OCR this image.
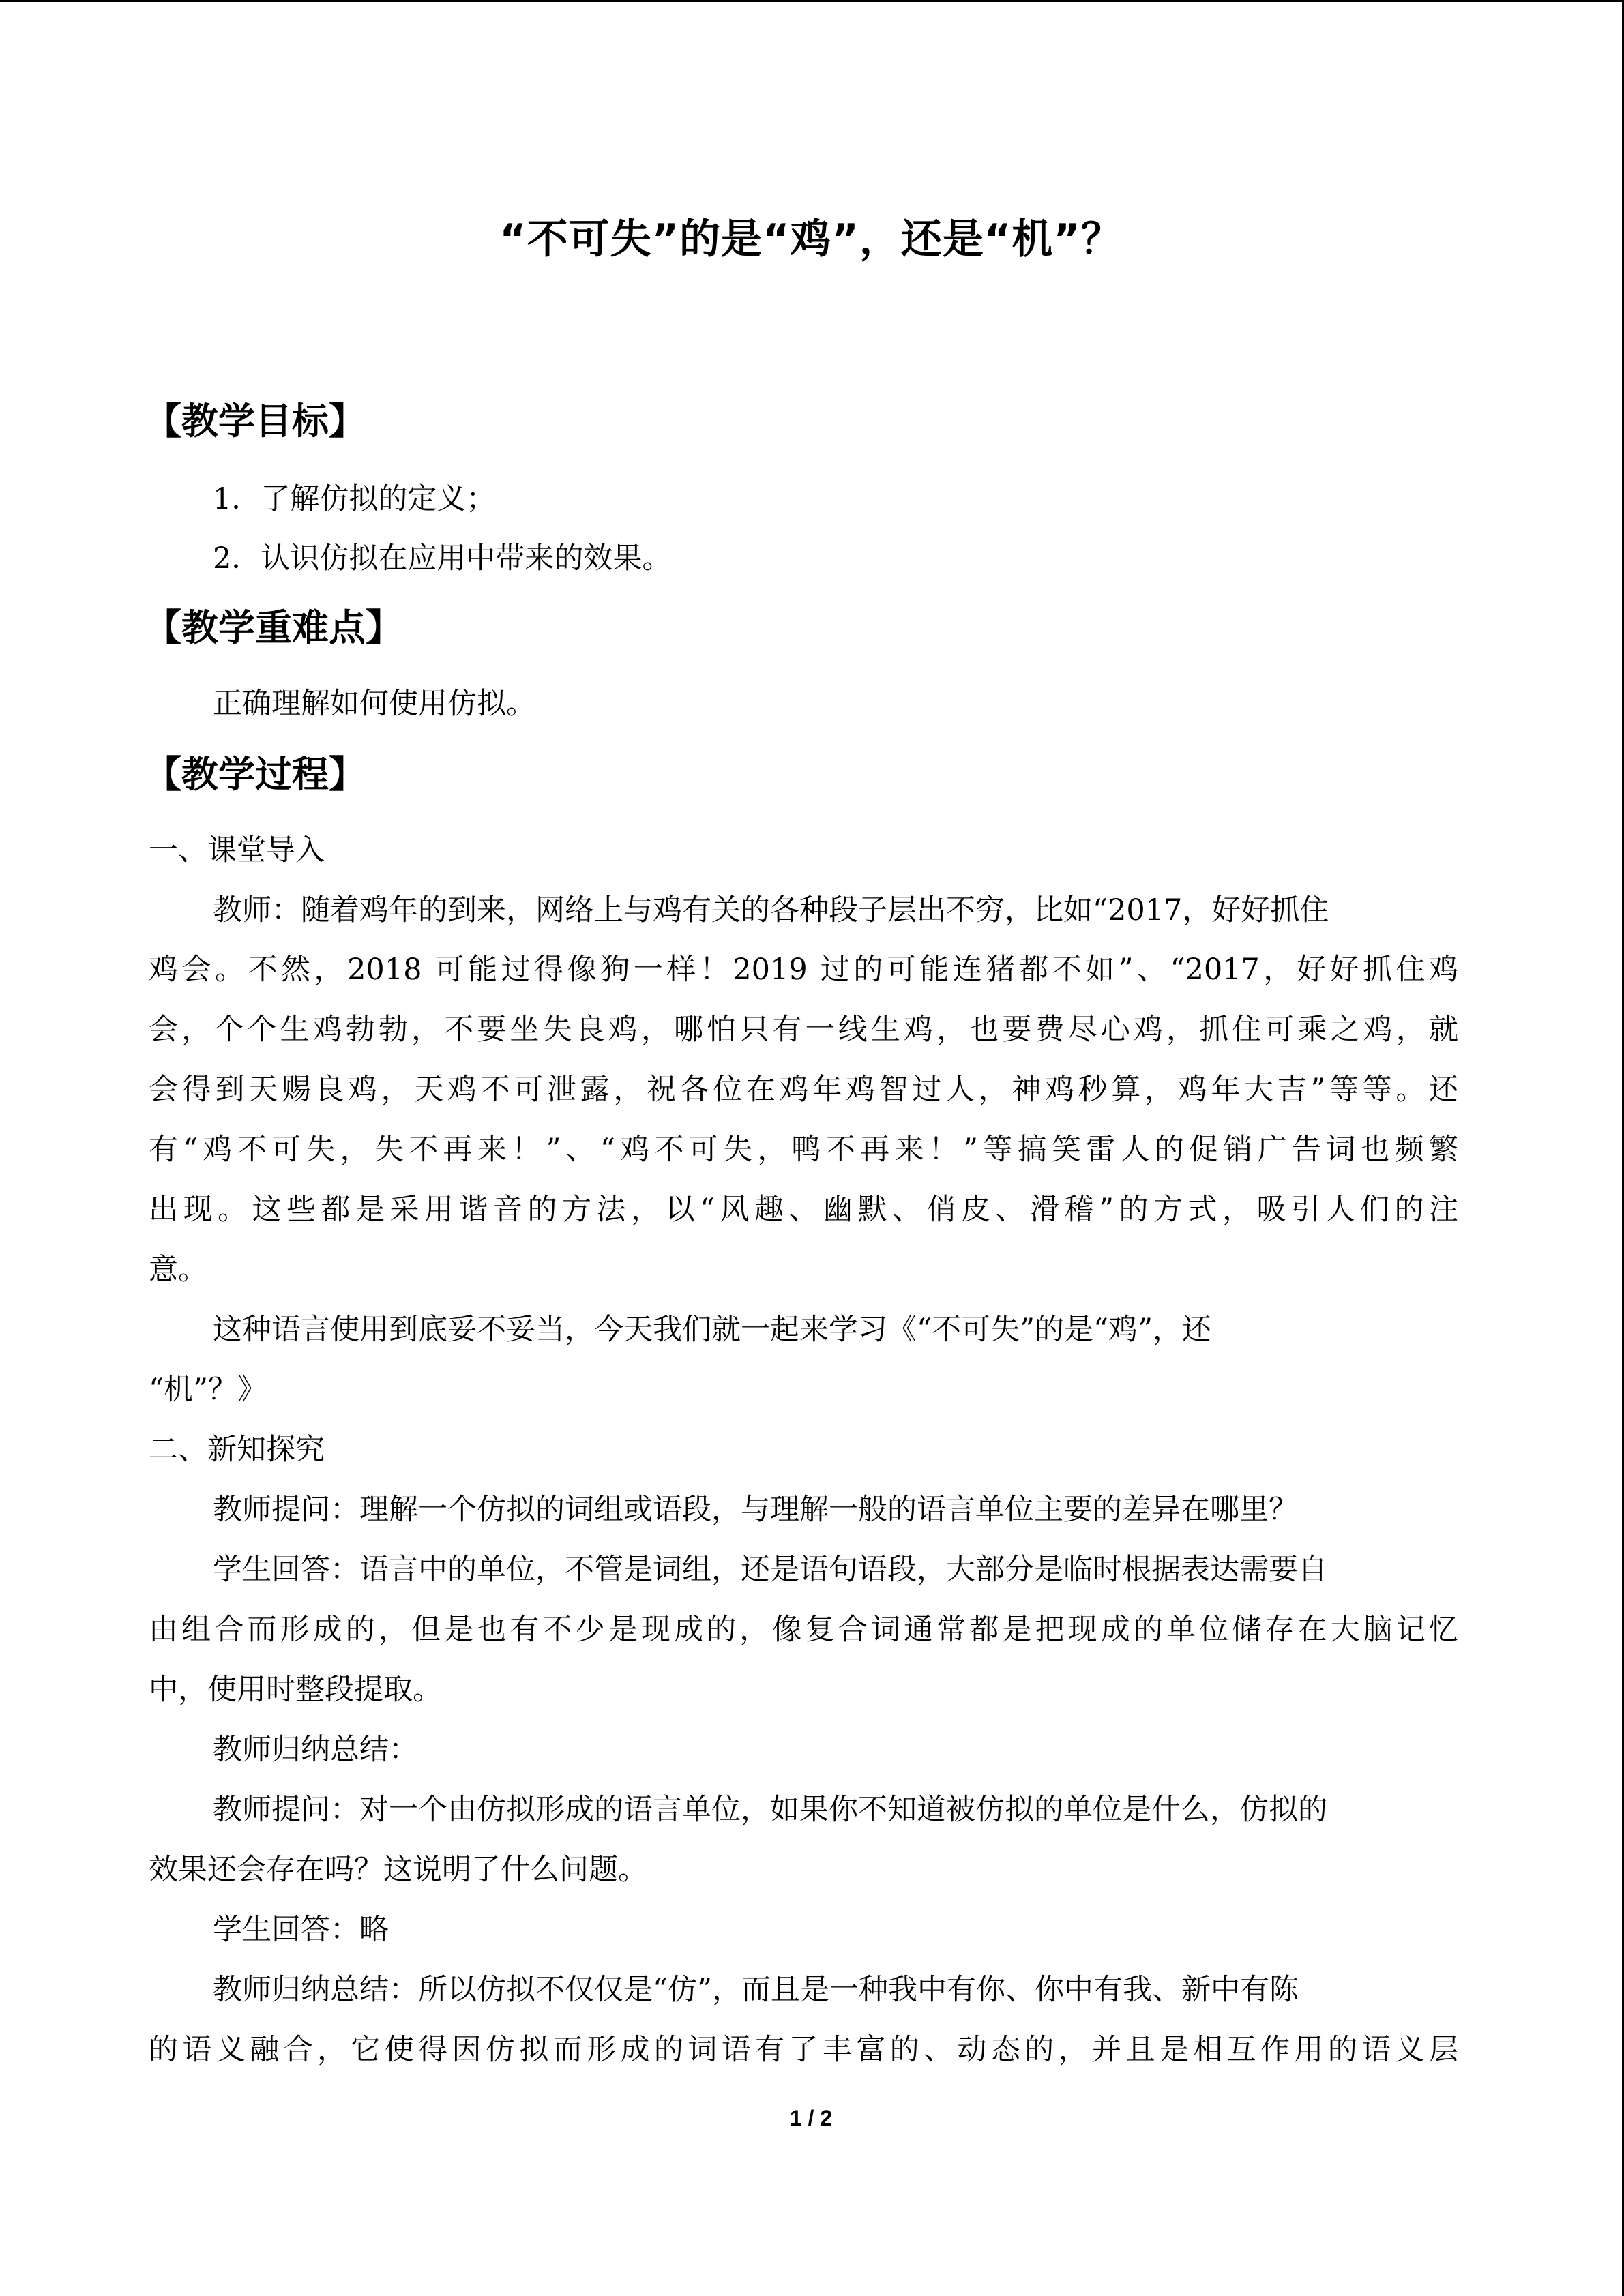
“不可失”的是“鸡”，还是“机”？
【教学目标】
1．了解仿拟的定义；
2．认识仿拟在应用中带来的效果。
【教学重难点】
正确理解如何使用仿拟。
【教学过程】
一、课堂导入
教师：随着鸡年的到来，网络上与鸡有关的各种段子层出不穷，比如“2017，好好抓住
鸡会。不然，2018 可能过得像狗一样！2019 过的可能连猪都不如”、“2017，好好抓住鸡
会，个个生鸡勃勃，不要坐失良鸡，哪怕只有一线生鸡，也要费尽心鸡，抓住可乘之鸡，就
会得到天赐良鸡，天鸡不可泄露，祝各位在鸡年鸡智过人，神鸡秒算，鸡年大吉”等等。还
有“鸡不可失，失不再来！”、“鸡不可失，鸭不再来！”等搞笑雷人的促销广告词也频繁
出现。这些都是采用谐音的方法，以“风趣、幽默、俏皮、滑稽”的方式，吸引人们的注
意。
这种语言使用到底妥不妥当，今天我们就一起来学习《“不可失”的是“鸡”，还
“机”？》
二、新知探究
教师提问：理解一个仿拟的词组或语段，与理解一般的语言单位主要的差异在哪里？
学生回答：语言中的单位，不管是词组，还是语句语段，大部分是临时根据表达需要自
由组合而形成的，但是也有不少是现成的，像复合词通常都是把现成的单位储存在大脑记忆
中，使用时整段提取。
教师归纳总结：
教师提问：对一个由仿拟形成的语言单位，如果你不知道被仿拟的单位是什么，仿拟的
效果还会存在吗？这说明了什么问题。
学生回答：略
教师归纳总结：所以仿拟不仅仅是“仿”，而且是一种我中有你、你中有我、新中有陈
的语义融合，它使得因仿拟而形成的词语有了丰富的、动态的，并且是相互作用的语义层
1 / 2
